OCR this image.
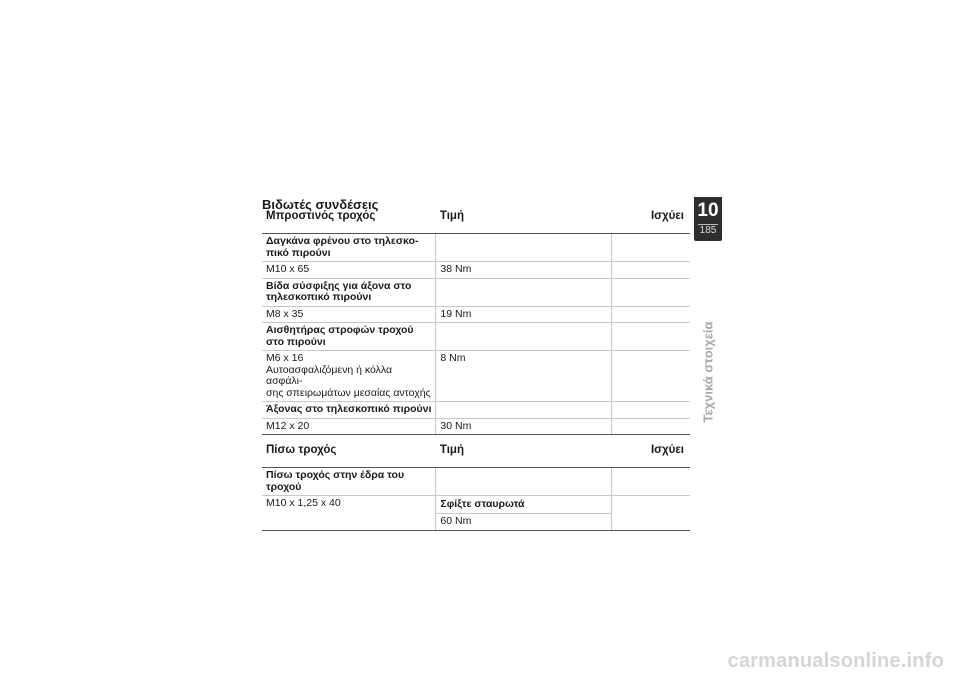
Βιδωτές συνδέσεις
Μπροστινός τροχός	Τιμή	Ισχύει
Δαγκάνα φρένου στο τηλεσκο-
πικό πιρούνι		
M10 x 65	38 Nm	
Βίδα σύσφιξης για άξονα στο
τηλεσκοπικό πιρούνι		
M8 x 35	19 Nm	
Αισθητήρας στροφών τροχού
στο πιρούνι		
M6 x 16
Αυτοασφαλιζόμενη ή κόλλα ασφάλι-
σης σπειρωμάτων μεσαίας αντοχής	8 Nm	
Άξονας στο τηλεσκοπικό πιρούνι		
M12 x 20	30 Nm	
Πίσω τροχός	Τιμή	Ισχύει
Πίσω τροχός στην έδρα του
τροχού		
M10 x 1,25 x 40	Σφίξτε σταυρωτά
60 Nm	

10
185
Τεχνικά στοιχεία
carmanualsonline.info
